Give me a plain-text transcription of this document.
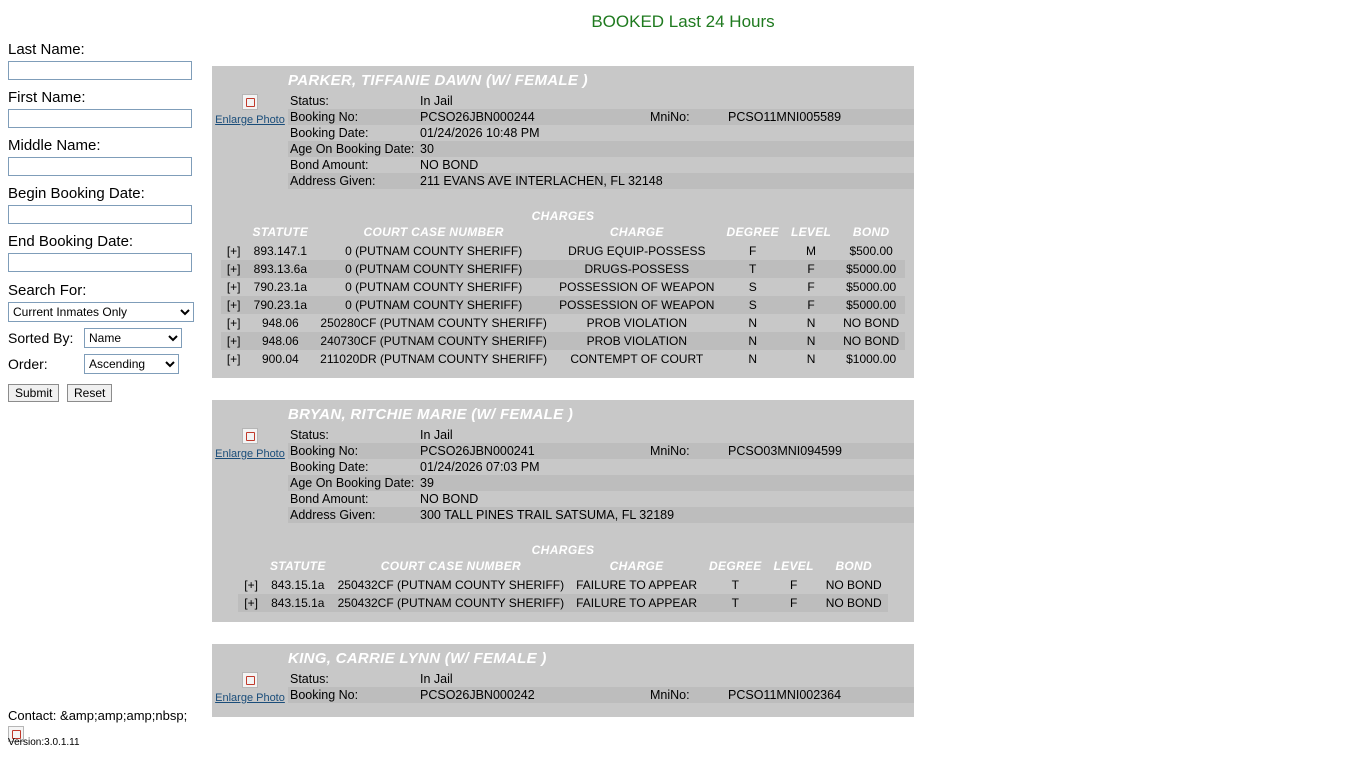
BOOKED Last 24 Hours
Last Name:
First Name:
Middle Name:
Begin Booking Date:
End Booking Date:
Search For:
Current Inmates Only
Sorted By:
Name
Order:
Ascending
Submit Reset
PARKER, TIFFANIE DAWN (W/ FEMALE )
Enlarge Photo
Status:	In Jail		
Booking No:	PCSO26JBN000244	MniNo:	PCSO11MNI005589
Booking Date:	01/24/2026 10:48 PM		
Age On Booking Date:	30		
Bond Amount:	NO BOND		
Address Given:	211 EVANS AVE INTERLACHEN, FL 32148		
CHARGES
	STATUTE	COURT CASE NUMBER	CHARGE	DEGREE	LEVEL	BOND
[+]	893.147.1	0 (PUTNAM COUNTY SHERIFF)	DRUG EQUIP-POSSESS	F	M	$500.00
[+]	893.13.6a	0 (PUTNAM COUNTY SHERIFF)	DRUGS-POSSESS	T	F	$5000.00
[+]	790.23.1a	0 (PUTNAM COUNTY SHERIFF)	POSSESSION OF WEAPON	S	F	$5000.00
[+]	790.23.1a	0 (PUTNAM COUNTY SHERIFF)	POSSESSION OF WEAPON	S	F	$5000.00
[+]	948.06	250280CF (PUTNAM COUNTY SHERIFF)	PROB VIOLATION	N	N	NO BOND
[+]	948.06	240730CF (PUTNAM COUNTY SHERIFF)	PROB VIOLATION	N	N	NO BOND
[+]	900.04	211020DR (PUTNAM COUNTY SHERIFF)	CONTEMPT OF COURT	N	N	$1000.00
BRYAN, RITCHIE MARIE (W/ FEMALE )
Enlarge Photo
Status:	In Jail		
Booking No:	PCSO26JBN000241	MniNo:	PCSO03MNI094599
Booking Date:	01/24/2026 07:03 PM		
Age On Booking Date:	39		
Bond Amount:	NO BOND		
Address Given:	300 TALL PINES TRAIL SATSUMA, FL 32189		
CHARGES
	STATUTE	COURT CASE NUMBER	CHARGE	DEGREE	LEVEL	BOND
[+]	843.15.1a	250432CF (PUTNAM COUNTY SHERIFF)	FAILURE TO APPEAR	T	F	NO BOND
[+]	843.15.1a	250432CF (PUTNAM COUNTY SHERIFF)	FAILURE TO APPEAR	T	F	NO BOND
KING, CARRIE LYNN (W/ FEMALE )
Enlarge Photo
Status:	In Jail		
Booking No:	PCSO26JBN000242	MniNo:	PCSO11MNI002364
Contact: &amp;amp;amp;nbsp;
Version:3.0.1.11
